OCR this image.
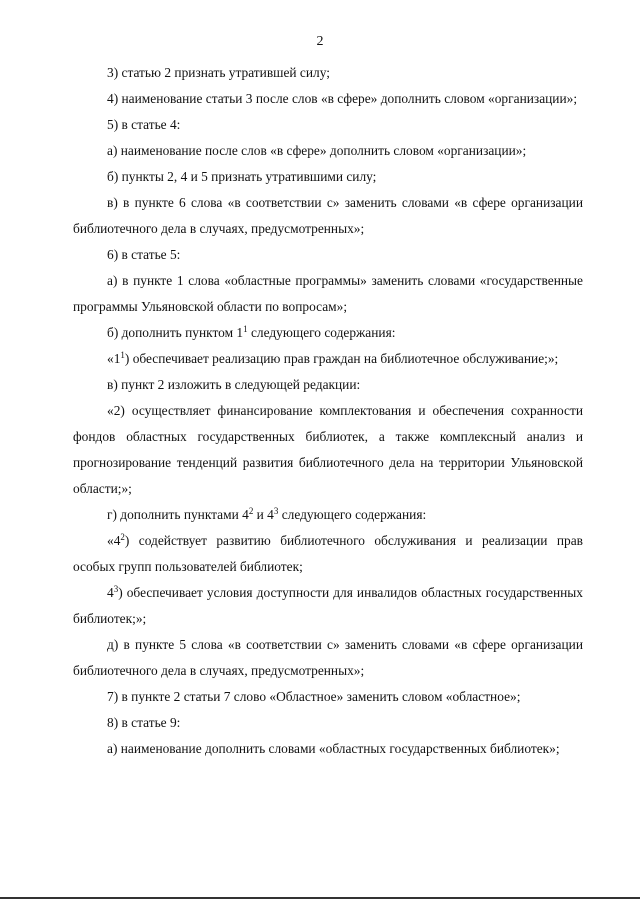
2

3) статью 2 признать утратившей силу;

4) наименование статьи 3 после слов «в сфере» дополнить словом «организации»;

5) в статье 4:

а) наименование после слов «в сфере» дополнить словом «организации»;

б) пункты 2, 4 и 5 признать утратившими силу;

в) в пункте 6 слова «в соответствии с» заменить словами «в сфере организации библиотечного дела в случаях, предусмотренных»;

6) в статье 5:

а) в пункте 1 слова «областные программы» заменить словами «государственные программы Ульяновской области по вопросам»;

б) дополнить пунктом $1^1$ следующего содержания:

«$1^1$) обеспечивает реализацию прав граждан на библиотечное обслуживание;»;

в) пункт 2 изложить в следующей редакции:

«2) осуществляет финансирование комплектования и обеспечения сохранности фондов областных государственных библиотек, а также комплексный анализ и прогнозирование тенденций развития библиотечного дела на территории Ульяновской области;»;

г) дополнить пунктами $4^2$ и $4^3$ следующего содержания:

«$4^2$) содействует развитию библиотечного обслуживания и реализации прав особых групп пользователей библиотек;

$4^3$) обеспечивает условия доступности для инвалидов областных государственных библиотек;»;

д) в пункте 5 слова «в соответствии с» заменить словами «в сфере организации библиотечного дела в случаях, предусмотренных»;

7) в пункте 2 статьи 7 слово «Областное» заменить словом «областное»;

8) в статье 9:

а) наименование дополнить словами «областных государственных библиотек»;
